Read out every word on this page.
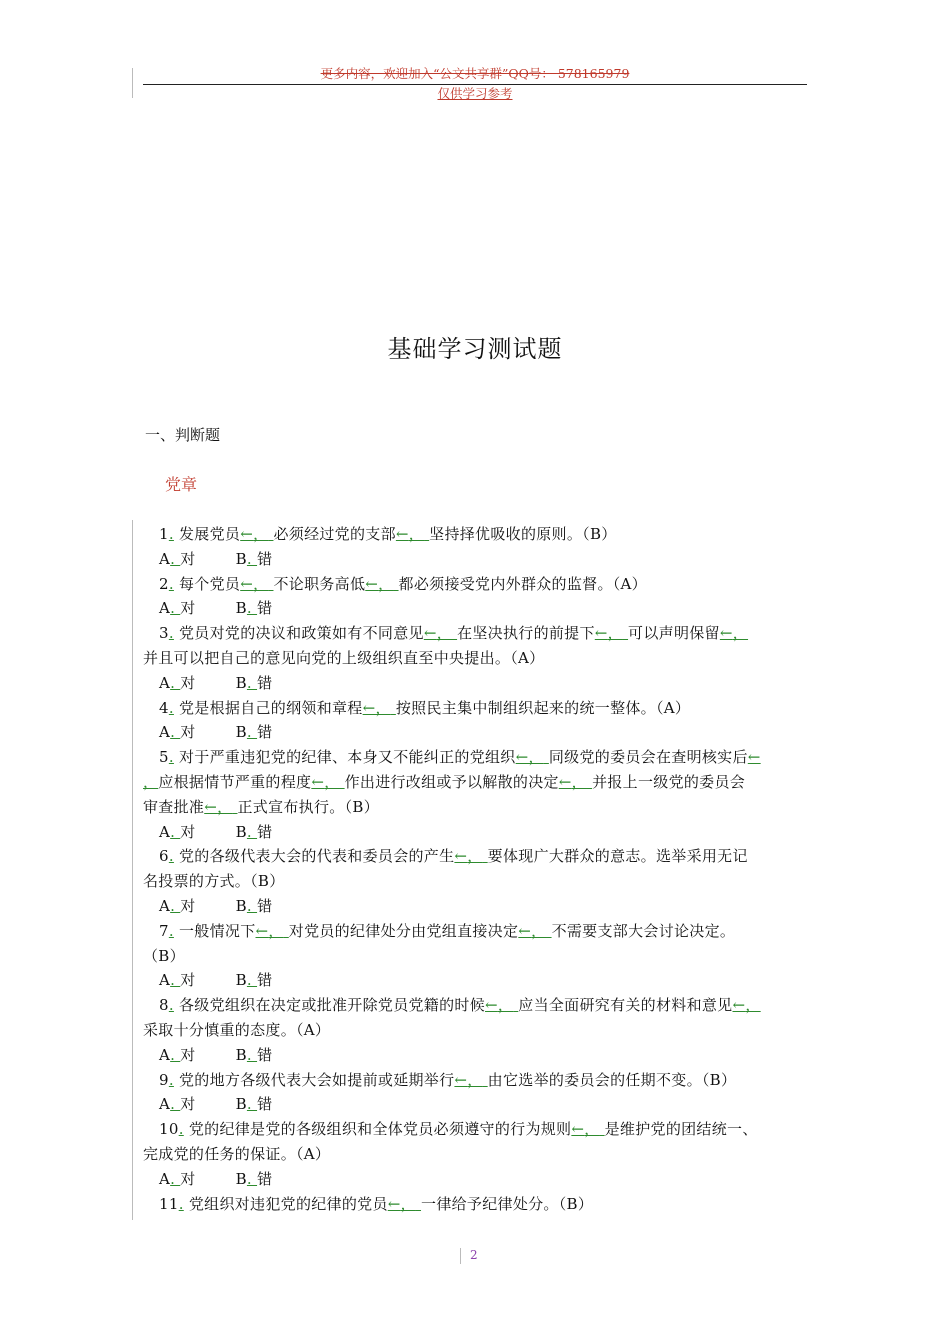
更多内容，欢迎加入“公文共享群”QQ号： 578165979
仅供学习参考
基础学习测试题
一、判断题
党章
1. 发展党员←， 必须经过党的支部←， 坚持择优吸收的原则。（B）
A. 对	B. 错
2. 每个党员←， 不论职务高低←， 都必须接受党内外群众的监督。（A）
A. 对	B. 错
3. 党员对党的决议和政策如有不同意见←， 在坚决执行的前提下←， 可以声明保留←，
并且可以把自己的意见向党的上级组织直至中央提出。（A）
A. 对	B. 错
4. 党是根据自己的纲领和章程←， 按照民主集中制组织起来的统一整体。（A）
A. 对	B. 错
5. 对于严重违犯党的纪律、本身又不能纠正的党组织←， 同级党的委员会在查明核实后←
，应根据情节严重的程度←， 作出进行改组或予以解散的决定←， 并报上一级党的委员会
审查批准←， 正式宣布执行。（B）
A. 对	B. 错
6. 党的各级代表大会的代表和委员会的产生←， 要体现广大群众的意志。选举采用无记
名投票的方式。（B）
A. 对	B. 错
7. 一般情况下←， 对党员的纪律处分由党组直接决定←， 不需要支部大会讨论决定。
（B）
A. 对	B. 错
8. 各级党组织在决定或批准开除党员党籍的时候←， 应当全面研究有关的材料和意见←，
采取十分慎重的态度。（A）
A. 对	B. 错
9. 党的地方各级代表大会如提前或延期举行←， 由它选举的委员会的任期不变。（B）
A. 对	B. 错
10. 党的纪律是党的各级组织和全体党员必须遵守的行为规则←， 是维护党的团结统一、
完成党的任务的保证。（A）
A. 对	B. 错
11. 党组织对违犯党的纪律的党员←， 一律给予纪律处分。（B）
2
